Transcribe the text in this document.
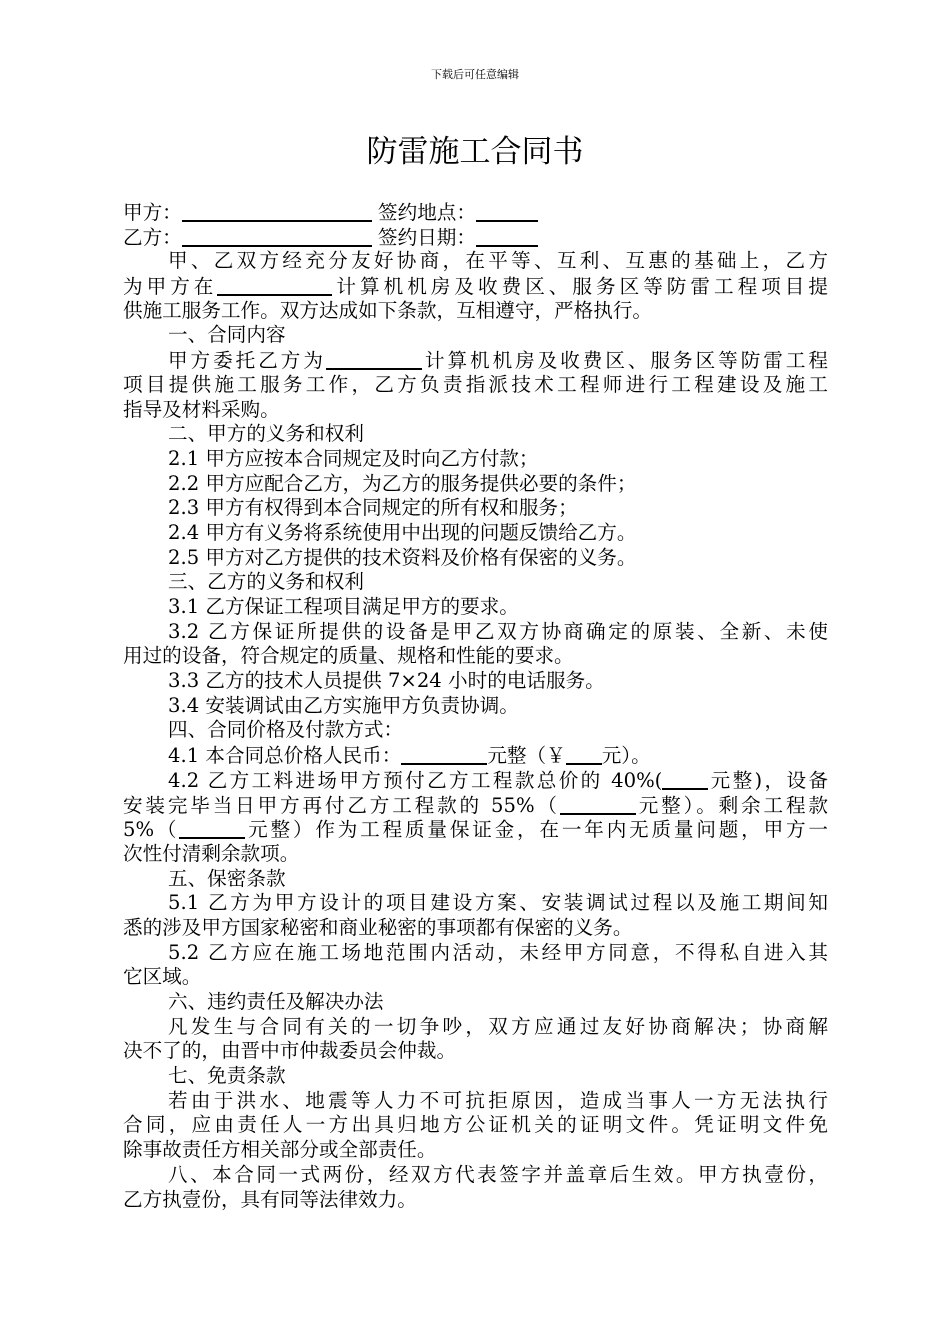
下载后可任意编辑
防雷施工合同书
甲方：	签约地点：
乙方：	签约日期：
甲、乙双方经充分友好协商，在平等、互利、互惠的基础上，乙方
为甲方在	计算机机房及收费区、服务区等防雷工程项目提
供施工服务工作。双方达成如下条款，互相遵守，严格执行。
一、合同内容
甲方委托乙方为	计算机机房及收费区、服务区等防雷工程
项目提供施工服务工作，乙方负责指派技术工程师进行工程建设及施工
指导及材料采购。
二、甲方的义务和权利
2.1 甲方应按本合同规定及时向乙方付款；
2.2 甲方应配合乙方，为乙方的服务提供必要的条件；
2.3 甲方有权得到本合同规定的所有权和服务；
2.4 甲方有义务将系统使用中出现的问题反馈给乙方。
2.5 甲方对乙方提供的技术资料及价格有保密的义务。
三、乙方的义务和权利
3.1 乙方保证工程项目满足甲方的要求。
3.2 乙方保证所提供的设备是甲乙双方协商确定的原装、全新、未使
用过的设备，符合规定的质量、规格和性能的要求。
3.3 乙方的技术人员提供 7×24 小时的电话服务。
3.4 安装调试由乙方实施甲方负责协调。
四、合同价格及付款方式：
4.1 本合同总价格人民币：	元整（￥ 元）。
4.2 乙方工料进场甲方预付乙方工程款总价的 40%( 元整)，设备
安装完毕当日甲方再付乙方工程款的 55%（	元整）。剩余工程款
5%（	元整）作为工程质量保证金，在一年内无质量问题，甲方一
次性付清剩余款项。
五、保密条款
5.1 乙方为甲方设计的项目建设方案、安装调试过程以及施工期间知
悉的涉及甲方国家秘密和商业秘密的事项都有保密的义务。
5.2 乙方应在施工场地范围内活动，未经甲方同意，不得私自进入其
它区域。
六、违约责任及解决办法
凡发生与合同有关的一切争吵，双方应通过友好协商解决；协商解
决不了的，由晋中市仲裁委员会仲裁。
七、免责条款
若由于洪水、地震等人力不可抗拒原因，造成当事人一方无法执行
合同，应由责任人一方出具归地方公证机关的证明文件。凭证明文件免
除事故责任方相关部分或全部责任。
八、本合同一式两份，经双方代表签字并盖章后生效。甲方执壹份，
乙方执壹份，具有同等法律效力。
